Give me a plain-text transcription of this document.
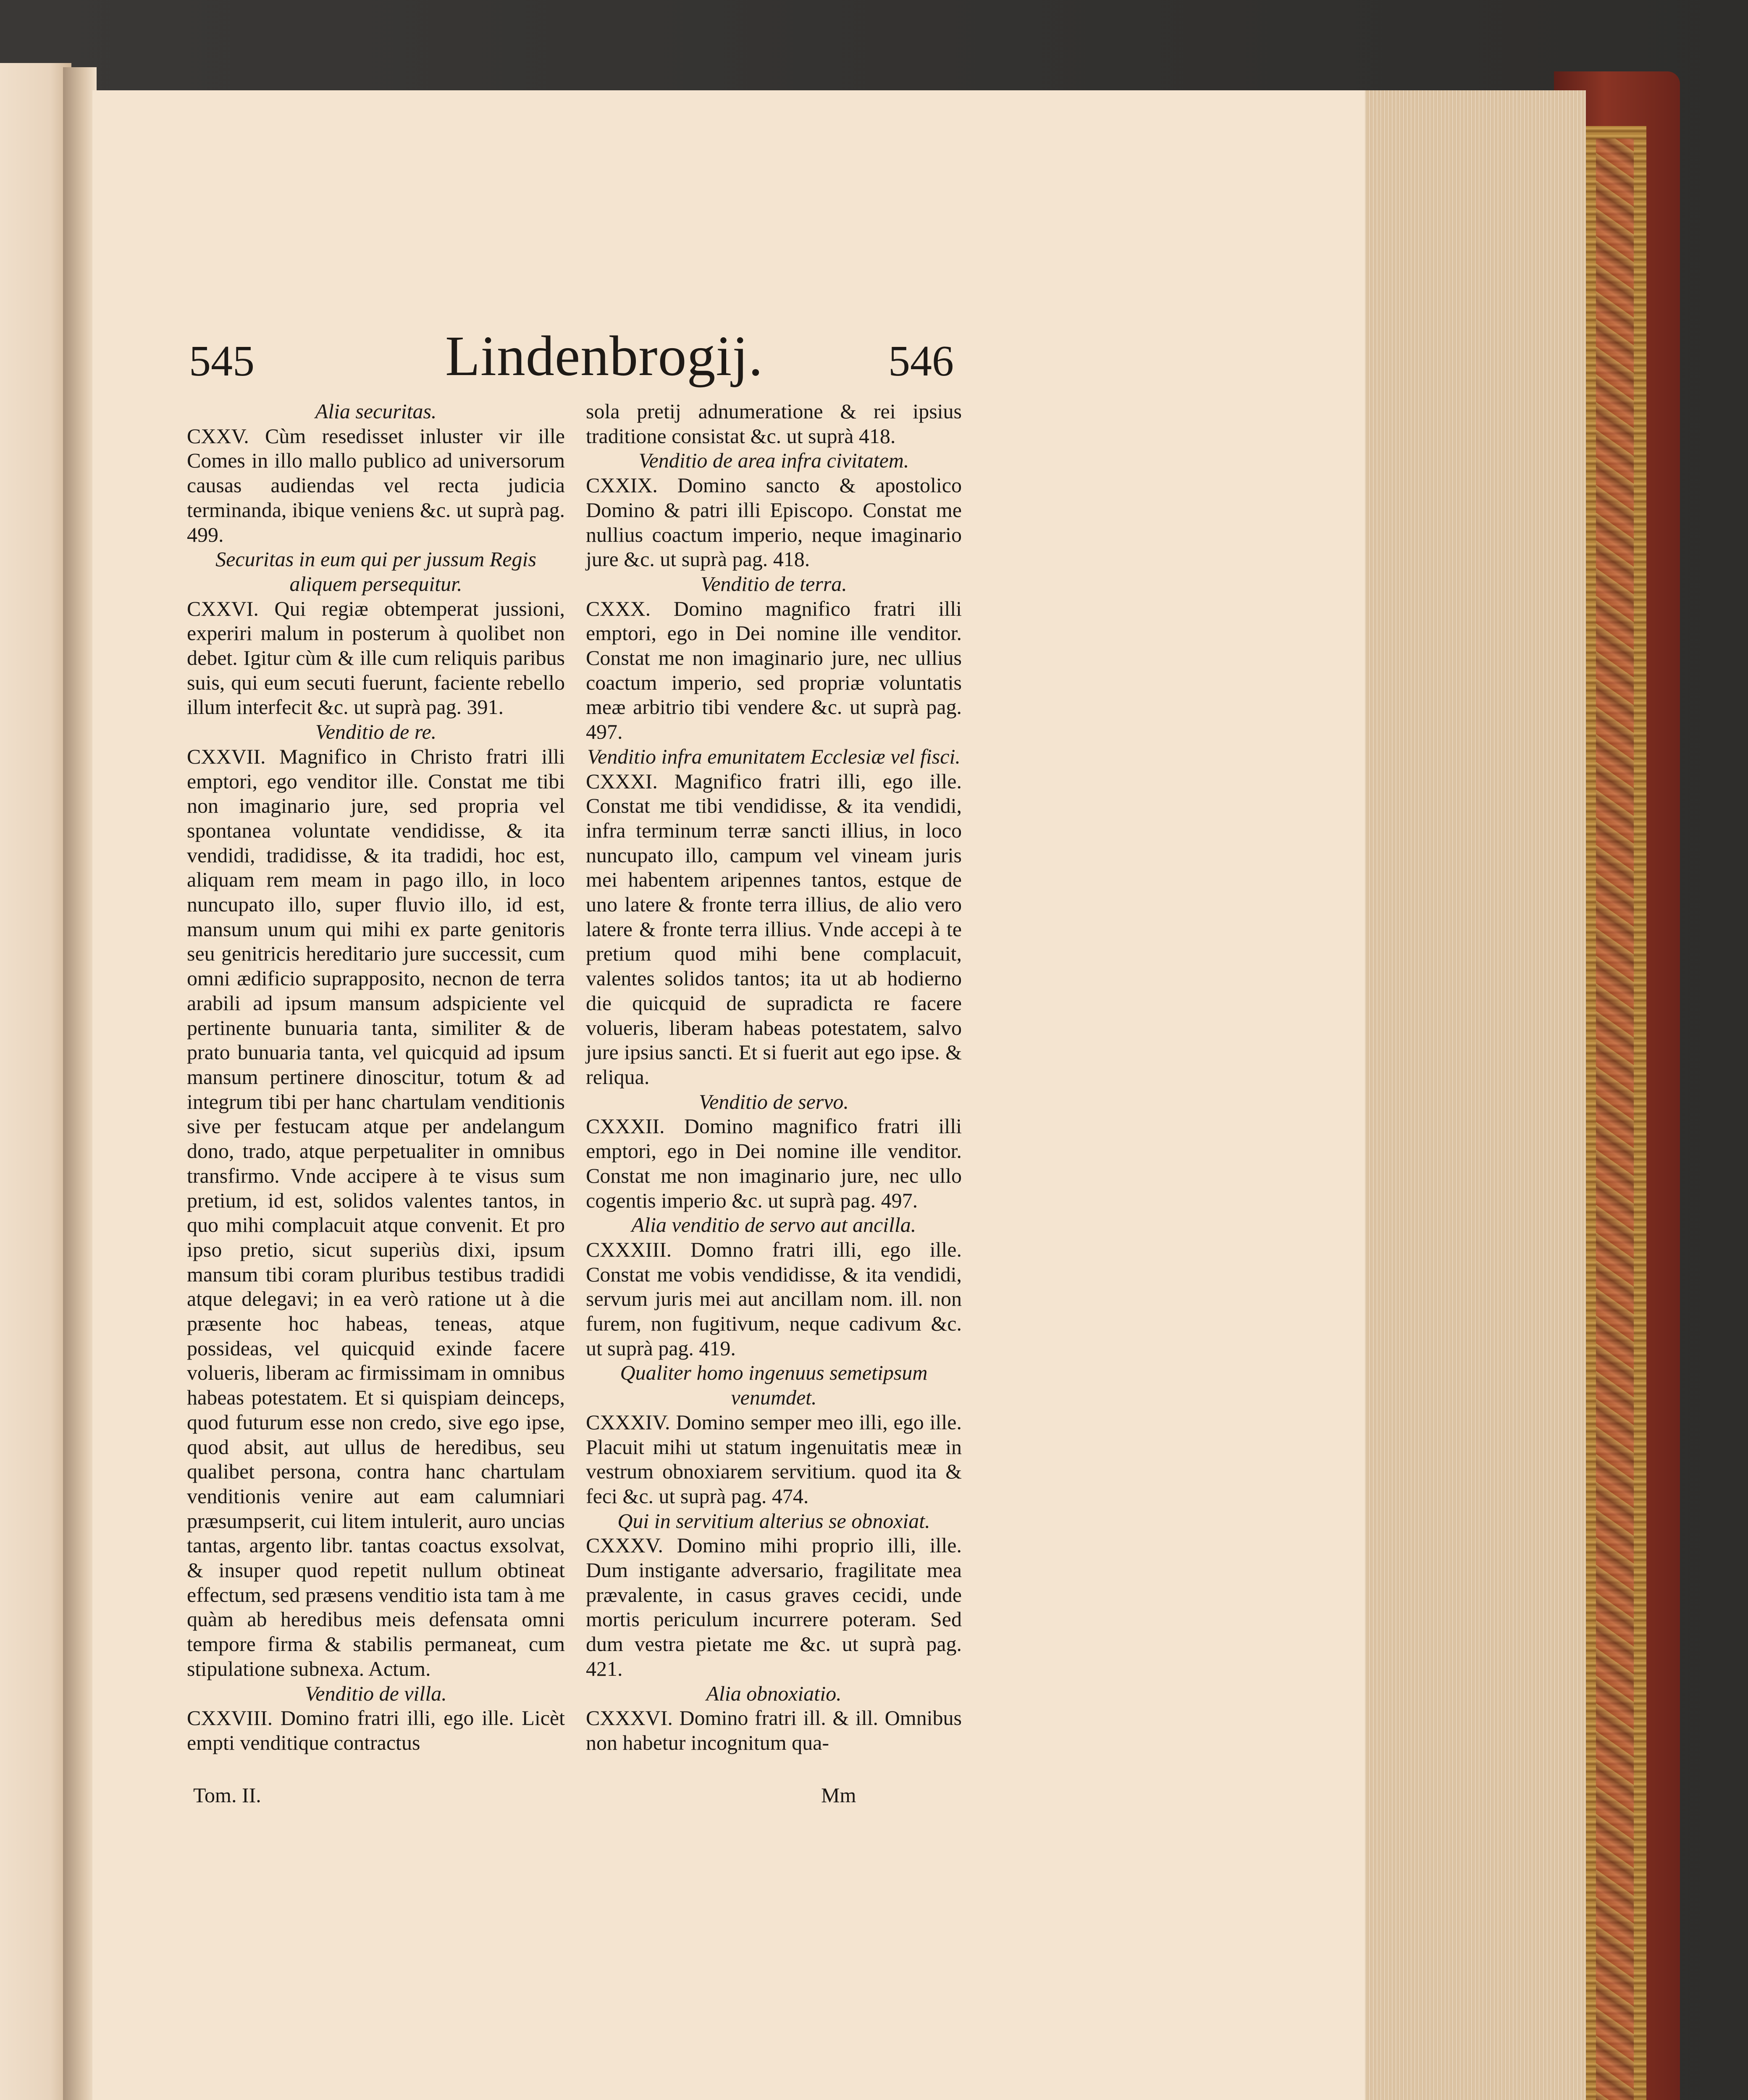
545	Lindenbrogij.	546

Alia securitas.

CXXV. Cùm resedisset inluster vir ille Comes in illo mallo publico ad universorum causas audiendas vel recta judicia terminanda, ibique veniens &c. ut suprà pag. 499.

Securitas in eum qui per jussum Regis aliquem persequitur.

CXXVI. Qui regiæ obtemperat jussioni, experiri malum in posterum à quolibet non debet. Igitur cùm & ille cum reliquis paribus suis, qui eum secuti fuerunt, faciente rebello illum interfecit &c. ut suprà pag. 391.

Venditio de re.

CXXVII. Magnifico in Christo fratri illi emptori, ego venditor ille. Constat me tibi non imaginario jure, sed propria vel spontanea voluntate vendidisse, & ita vendidi, tradidisse, & ita tradidi, hoc est, aliquam rem meam in pago illo, in loco nuncupato illo, super fluvio illo, id est, mansum unum qui mihi ex parte genitoris seu genitricis hereditario jure successit, cum omni ædificio suprapposito, necnon de terra arabili ad ipsum mansum adspiciente vel pertinente bunuaria tanta, similiter & de prato bunuaria tanta, vel quicquid ad ipsum mansum pertinere dinoscitur, totum & ad integrum tibi per hanc chartulam venditionis sive per festucam atque per andelangum dono, trado, atque perpetualiter in omnibus transfirmo. Vnde accipere à te visus sum pretium, id est, solidos valentes tantos, in quo mihi complacuit atque convenit. Et pro ipso pretio, sicut superiùs dixi, ipsum mansum tibi coram pluribus testibus tradidi atque delegavi; in ea verò ratione ut à die præsente hoc habeas, teneas, atque possideas, vel quicquid exinde facere volueris, liberam ac firmissimam in omnibus habeas potestatem. Et si quispiam deinceps, quod futurum esse non credo, sive ego ipse, quod absit, aut ullus de heredibus, seu qualibet persona, contra hanc chartulam venditionis venire aut eam calumniari præsumpserit, cui litem intulerit, auro uncias tantas, argento libr. tantas coactus exsolvat, & insuper quod repetit nullum obtineat effectum, sed præsens venditio ista tam à me quàm ab heredibus meis defensata omni tempore firma & stabilis permaneat, cum stipulatione subnexa. Actum.

Venditio de villa.

CXXVIII. Domino fratri illi, ego ille. Licèt empti venditique contractus

sola pretij adnumeratione & rei ipsius traditione consistat &c. ut suprà 418.

Venditio de area infra civitatem.

CXXIX. Domino sancto & apostolico Domino & patri illi Episcopo. Constat me nullius coactum imperio, neque imaginario jure &c. ut suprà pag. 418.

Venditio de terra.

CXXX. Domino magnifico fratri illi emptori, ego in Dei nomine ille venditor. Constat me non imaginario jure, nec ullius coactum imperio, sed propriæ voluntatis meæ arbitrio tibi vendere &c. ut suprà pag. 497.

Venditio infra emunitatem Ecclesiæ vel fisci.

CXXXI. Magnifico fratri illi, ego ille. Constat me tibi vendidisse, & ita vendidi, infra terminum terræ sancti illius, in loco nuncupato illo, campum vel vineam juris mei habentem aripennes tantos, estque de uno latere & fronte terra illius, de alio vero latere & fronte terra illius. Vnde accepi à te pretium quod mihi bene complacuit, valentes solidos tantos; ita ut ab hodierno die quicquid de supradicta re facere volueris, liberam habeas potestatem, salvo jure ipsius sancti. Et si fuerit aut ego ipse. & reliqua.

Venditio de servo.

CXXXII. Domino magnifico fratri illi emptori, ego in Dei nomine ille venditor. Constat me non imaginario jure, nec ullo cogentis imperio &c. ut suprà pag. 497.

Alia venditio de servo aut ancilla.

CXXXIII. Domno fratri illi, ego ille. Constat me vobis vendidisse, & ita vendidi, servum juris mei aut ancillam nom. ill. non furem, non fugitivum, neque cadivum &c. ut suprà pag. 419.

Qualiter homo ingenuus semetipsum venumdet.

CXXXIV. Domino semper meo illi, ego ille. Placuit mihi ut statum ingenuitatis meæ in vestrum obnoxiarem servitium. quod ita & feci &c. ut suprà pag. 474.

Qui in servitium alterius se obnoxiat.

CXXXV. Domino mihi proprio illi, ille. Dum instigante adversario, fragilitate mea prævalente, in casus graves cecidi, unde mortis periculum incurrere poteram. Sed dum vestra pietate me &c. ut suprà pag. 421.

Alia obnoxiatio.

CXXXVI. Domino fratri ill. & ill. Omnibus non habetur incognitum qua-

Tom. II.	Mm
